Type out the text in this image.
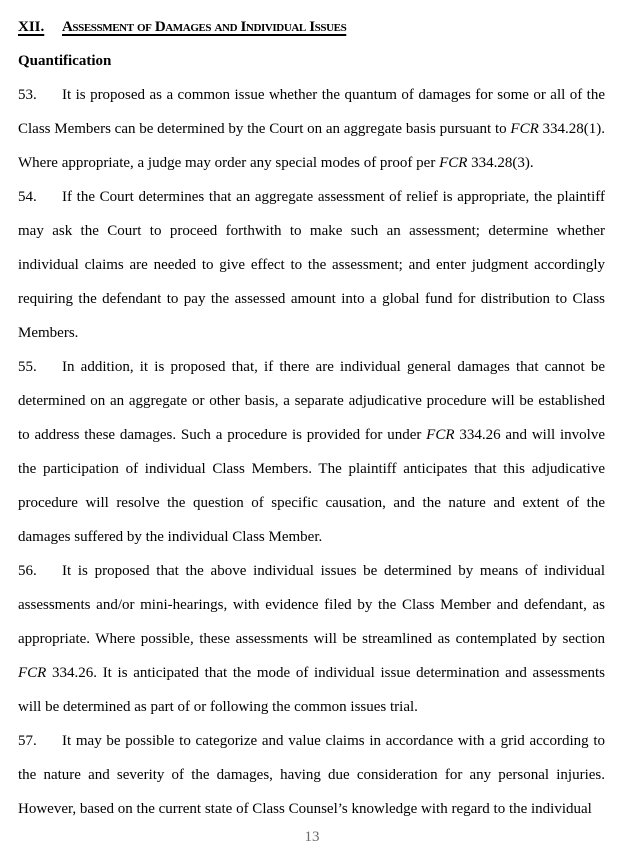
XII. Assessment of Damages and Individual Issues
Quantification

53. It is proposed as a common issue whether the quantum of damages for some or all of the Class Members can be determined by the Court on an aggregate basis pursuant to FCR 334.28(1). Where appropriate, a judge may order any special modes of proof per FCR 334.28(3).

54. If the Court determines that an aggregate assessment of relief is appropriate, the plaintiff may ask the Court to proceed forthwith to make such an assessment; determine whether individual claims are needed to give effect to the assessment; and enter judgment accordingly requiring the defendant to pay the assessed amount into a global fund for distribution to Class Members.

55. In addition, it is proposed that, if there are individual general damages that cannot be determined on an aggregate or other basis, a separate adjudicative procedure will be established to address these damages. Such a procedure is provided for under FCR 334.26 and will involve the participation of individual Class Members. The plaintiff anticipates that this adjudicative procedure will resolve the question of specific causation, and the nature and extent of the damages suffered by the individual Class Member.

56. It is proposed that the above individual issues be determined by means of individual assessments and/or mini-hearings, with evidence filed by the Class Member and defendant, as appropriate. Where possible, these assessments will be streamlined as contemplated by section FCR 334.26. It is anticipated that the mode of individual issue determination and assessments will be determined as part of or following the common issues trial.

57. It may be possible to categorize and value claims in accordance with a grid according to the nature and severity of the damages, having due consideration for any personal injuries. However, based on the current state of Class Counsel’s knowledge with regard to the individual

13
